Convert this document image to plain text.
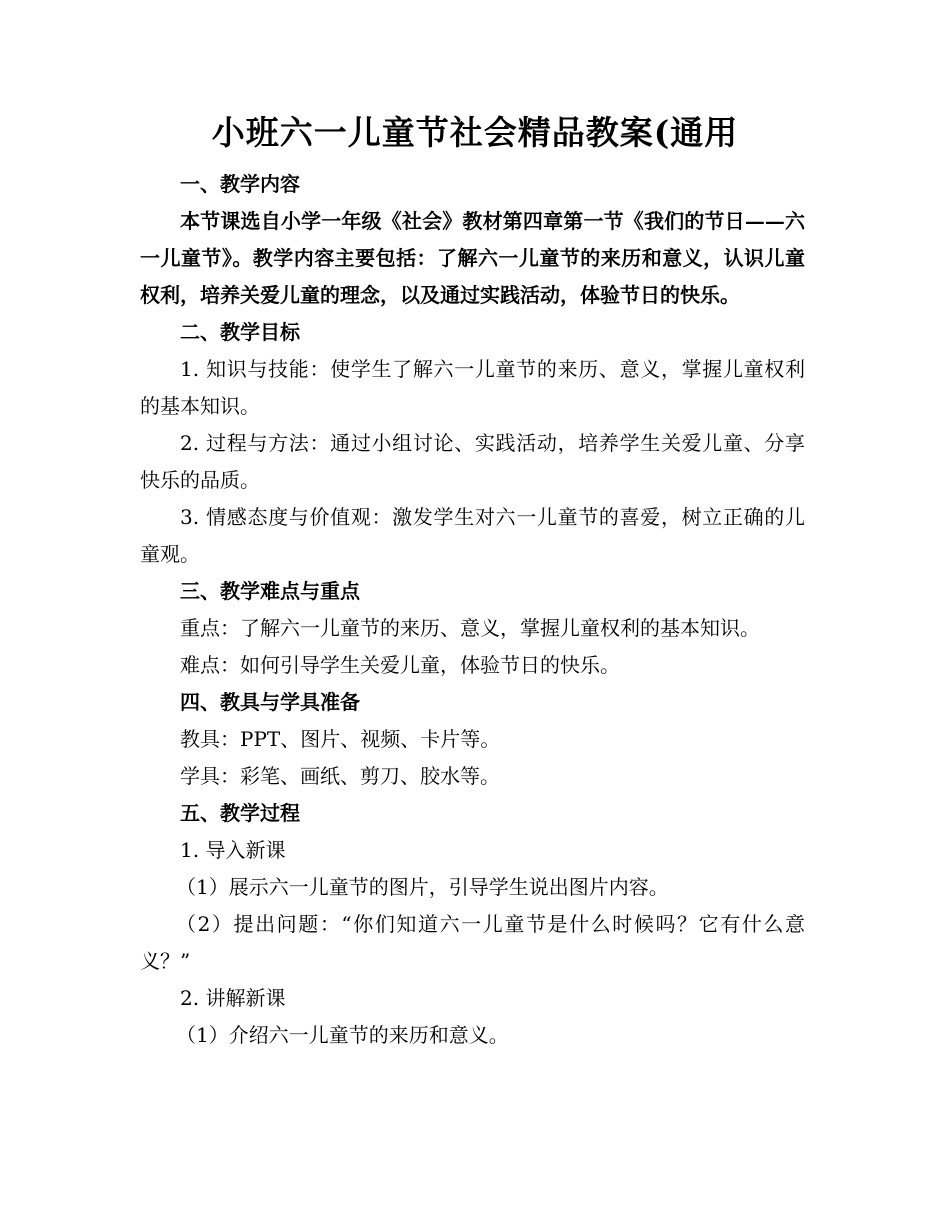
小班六一儿童节社会精品教案(通用

一、教学内容

本节课选自小学一年级《社会》教材第四章第一节《我们的节日——六一儿童节》。教学内容主要包括：了解六一儿童节的来历和意义，认识儿童权利，培养关爱儿童的理念，以及通过实践活动，体验节日的快乐。

二、教学目标

1. 知识与技能：使学生了解六一儿童节的来历、意义，掌握儿童权利的基本知识。

2. 过程与方法：通过小组讨论、实践活动，培养学生关爱儿童、分享快乐的品质。

3. 情感态度与价值观：激发学生对六一儿童节的喜爱，树立正确的儿童观。

三、教学难点与重点

重点：了解六一儿童节的来历、意义，掌握儿童权利的基本知识。

难点：如何引导学生关爱儿童，体验节日的快乐。

四、教具与学具准备

教具：PPT、图片、视频、卡片等。

学具：彩笔、画纸、剪刀、胶水等。

五、教学过程

1. 导入新课

（1）展示六一儿童节的图片，引导学生说出图片内容。

（2）提出问题：“你们知道六一儿童节是什么时候吗？它有什么意义？”

2. 讲解新课

（1）介绍六一儿童节的来历和意义。
